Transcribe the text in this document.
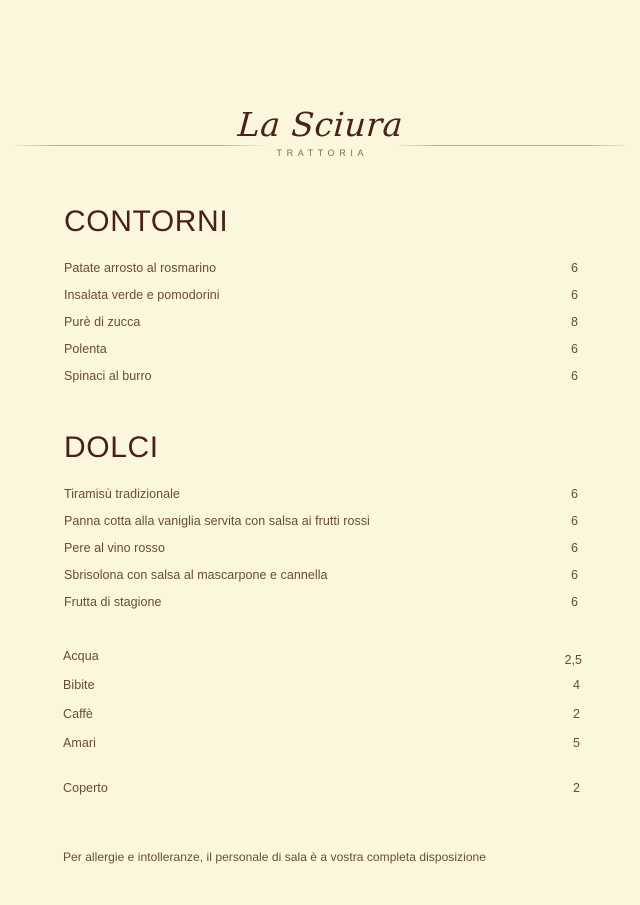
La Sciura
TRATTORIA
CONTORNI
Patate arrosto al rosmarino	6
Insalata verde e pomodorini	6
Purè di zucca	8
Polenta	6
Spinaci al burro	6
DOLCI
Tiramisù tradizionale	6
Panna cotta alla vaniglia servita con salsa ai frutti rossi	6
Pere al vino rosso	6
Sbrisolona con salsa al mascarpone e cannella	6
Frutta di stagione	6
Acqua	2,5
Bibite	4
Caffè	2
Amari	5
Coperto	2
Per allergie e intolleranze, il personale di sala è a vostra completa disposizione
